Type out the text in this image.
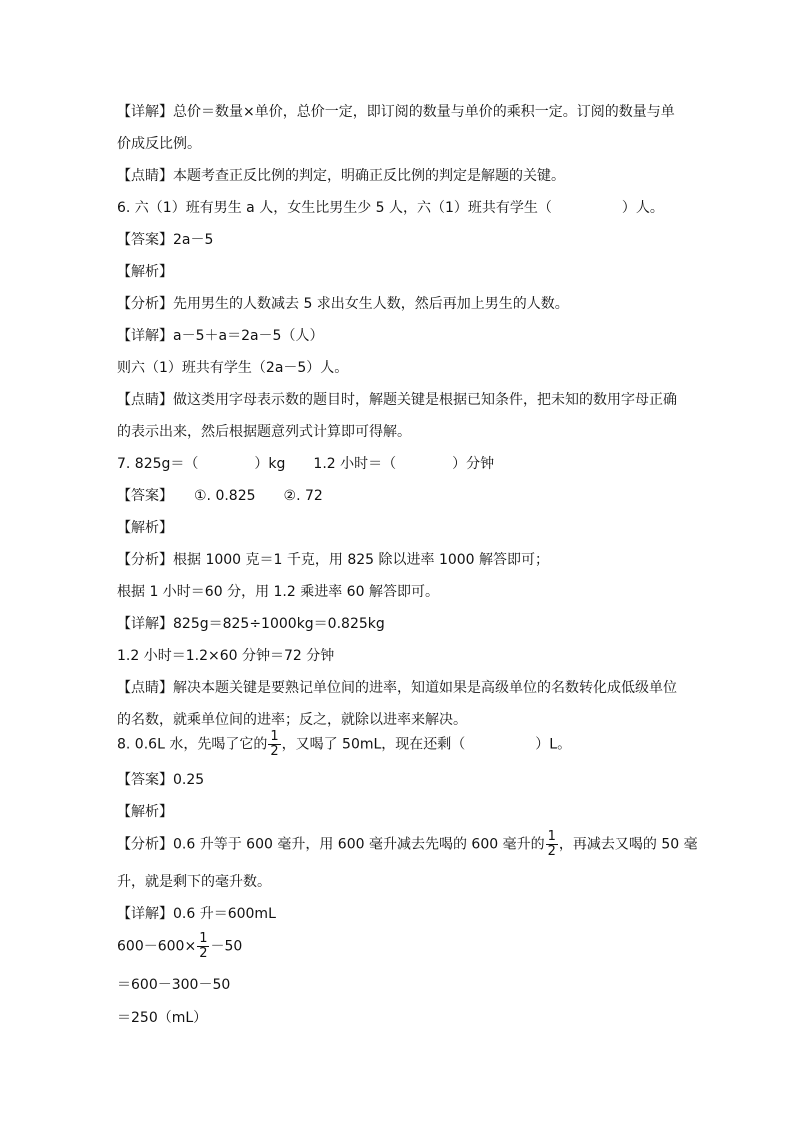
【详解】总价＝数量×单价，总价一定，即订阅的数量与单价的乘积一定。订阅的数量与单
价成反比例。
【点睛】本题考查正反比例的判定，明确正反比例的判定是解题的关键。
6. 六（1）班有男生 a 人，女生比男生少 5 人，六（1）班共有学生（　　　　　）人。
【答案】2a－5
【解析】
【分析】先用男生的人数减去 5 求出女生人数，然后再加上男生的人数。
【详解】a－5＋a＝2a－5（人）
则六（1）班共有学生（2a－5）人。
【点睛】做这类用字母表示数的题目时，解题关键是根据已知条件，把未知的数用字母正确
的表示出来，然后根据题意列式计算即可得解。
7. 825g＝（　　　　）kg　　1.2 小时＝（　　　　）分钟
【答案】　　①. 0.825　　②. 72
【解析】
【分析】根据 1000 克＝1 千克，用 825 除以进率 1000 解答即可；
根据 1 小时＝60 分，用 1.2 乘进率 60 解答即可。
【详解】825g＝825÷1000kg＝0.825kg
1.2 小时＝1.2×60 分钟＝72 分钟
【点睛】解决本题关键是要熟记单位间的进率，知道如果是高级单位的名数转化成低级单位
的名数，就乘单位间的进率；反之，就除以进率来解决。
8. 0.6L 水，先喝了它的 $\frac{1}{2}$ ，又喝了 50mL，现在还剩（　　　　　）L。
【答案】0.25
【解析】
【分析】0.6 升等于 600 毫升，用 600 毫升减去先喝的 600 毫升的 $\frac{1}{2}$ ，再减去又喝的 50 毫
升，就是剩下的毫升数。
【详解】0.6 升＝600mL
$600-600\times \frac{1}{2} -50$
＝600－300－50
＝250（mL）
